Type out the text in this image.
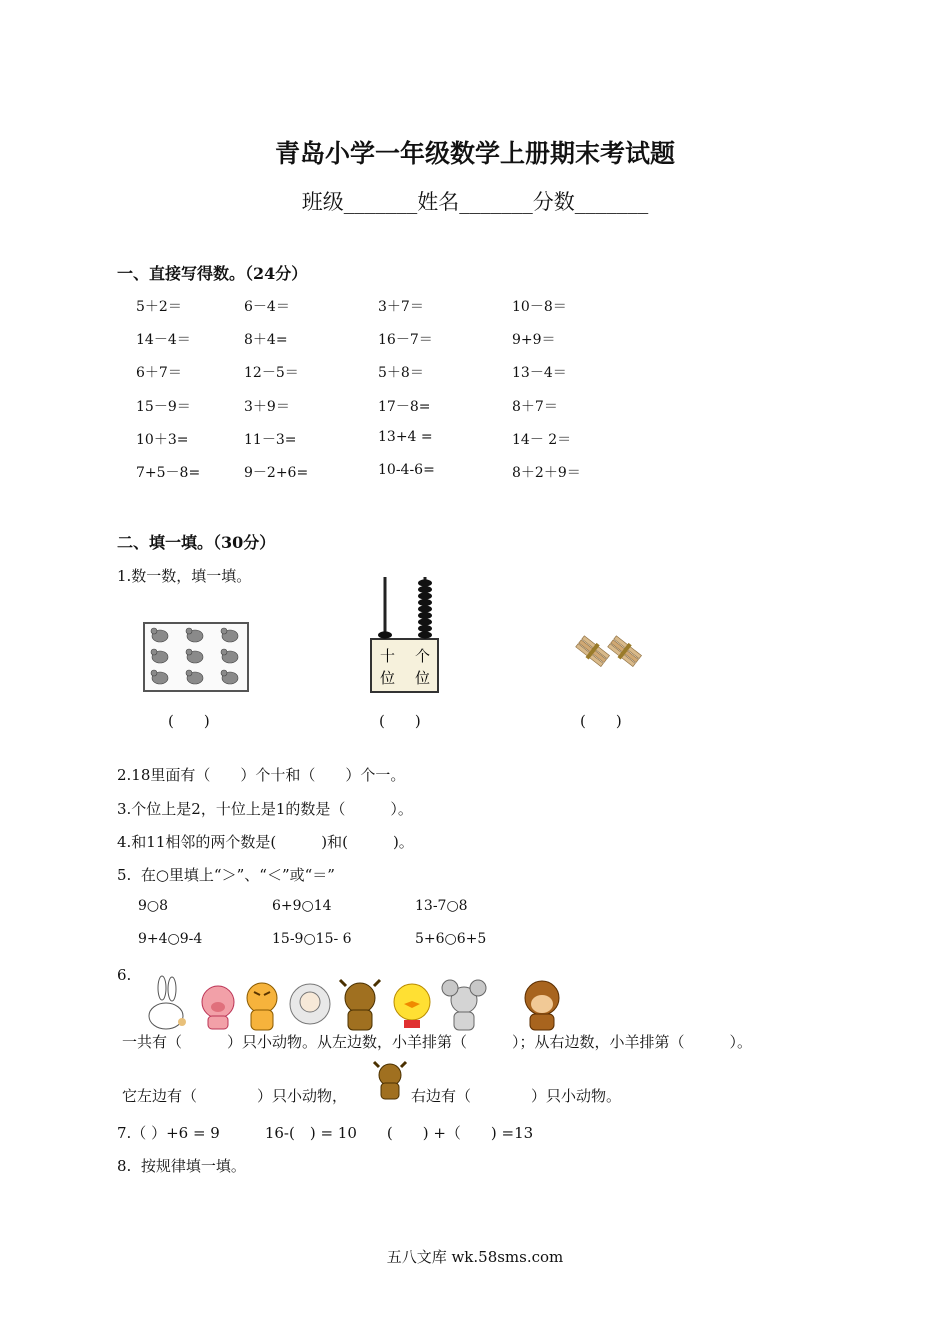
青岛小学一年级数学上册期末考试题
班级_______姓名_______分数_______
一、直接写得数。（24分）
5＋2＝	6－4＝	3＋7＝	10－8＝
14－4＝	8＋4=	16－7＝	9+9＝
6＋7＝	12－5＝	5＋8＝	13－4＝
15－9＝	3＋9＝	17－8=	8＋7＝
10＋3=	11－3=	13+4 =	14－ 2＝
7+5－8=	9－2+6=	10-4-6=	8＋2＋9＝
二、填一填。（30分）
1.数一数，填一填。
十
位
个
位
(　　)	(　　)	(　　)
2.18里面有（　　）个十和（　　）个一。
3.个位上是2，十位上是1的数是（　　　）。
4.和11相邻的两个数是(　　　)和(　　　)。
5.  在○里填上“＞”、“＜”或“＝”
9○8	6+9○14	13-7○8
9+4○9-4	15-9○15- 6	5+6○6+5
6.
一共有（　　　）只小动物。从左边数，小羊排第（　　　）；从右边数，小羊排第（　　　）。
它左边有（　　　　）只小动物，	右边有（　　　　）只小动物。
7.（ ）+6 = 9　　　16-(　) = 10　　(　　) +（　　) =13
8.  按规律填一填。
五八文库 wk.58sms.com
